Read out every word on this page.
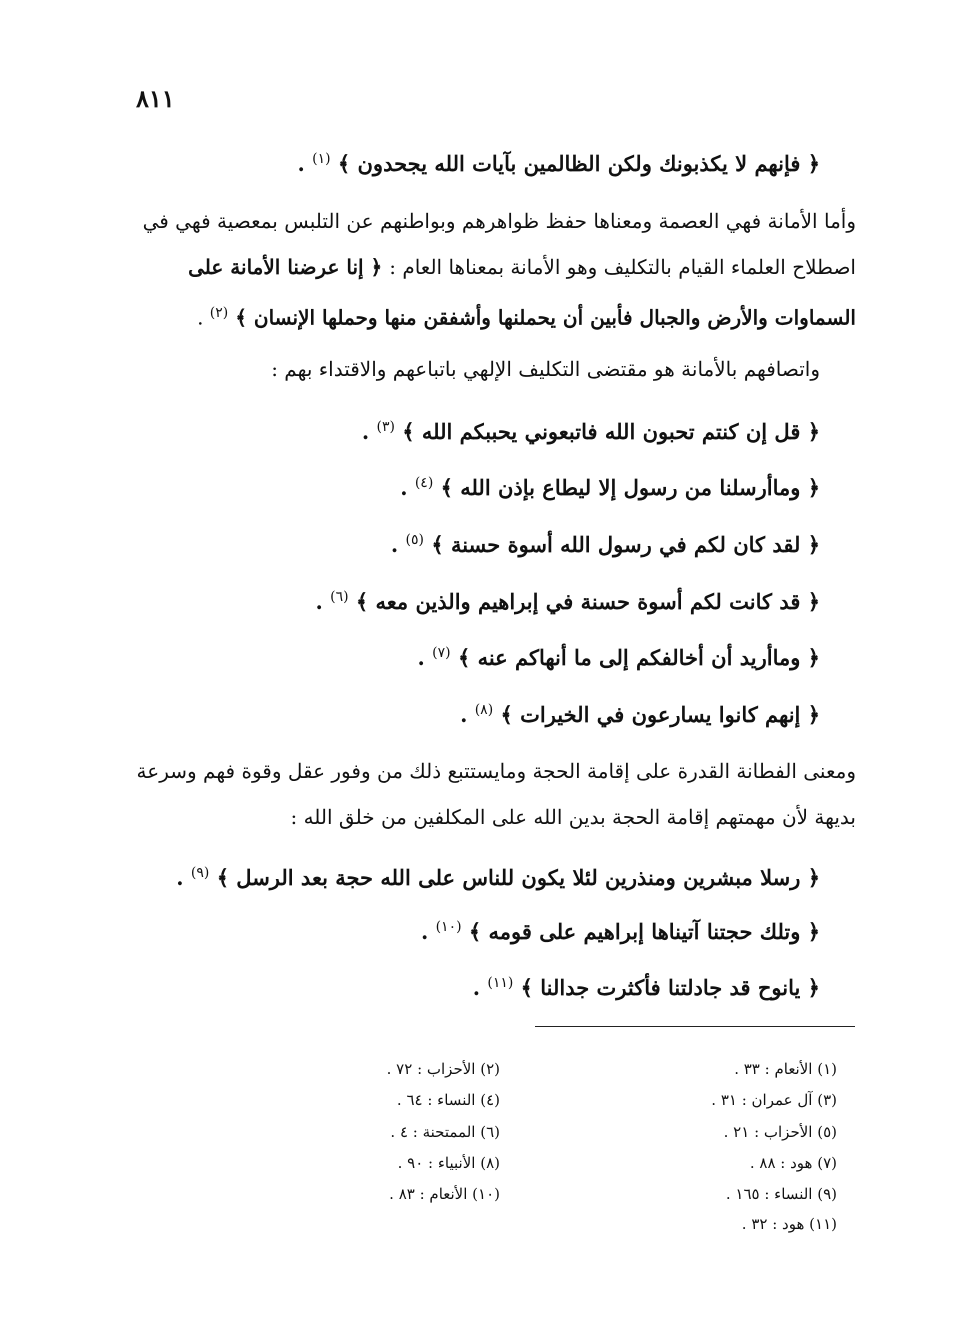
٨١١
﴿ فإنهم لا يكذبونك ولكن الظالمين بآيات الله يجحدون ﴾ $^{(١)}$ .
وأما الأمانة فهي العصمة ومعناها حفظ ظواهرهم وبواطنهم عن التلبس بمعصية فهي في
اصطلاح العلماء القيام بالتكليف وهو الأمانة بمعناها العام : ﴿ إنا عرضنا الأمانة على
السماوات والأرض والجبال فأبين أن يحملنها وأشفقن منها وحملها الإنسان ﴾ $^{(٢)}$ .
واتصافهم بالأمانة هو مقتضى التكليف الإلهي باتباعهم والاقتداء بهم :
﴿ قل إن كنتم تحبون الله فاتبعوني يحببكم الله ﴾ $^{(٣)}$ .
﴿ وماأرسلنا من رسول إلا ليطاع بإذن الله ﴾ $^{(٤)}$ .
﴿ لقد كان لكم في رسول الله أسوة حسنة ﴾ $^{(٥)}$ .
﴿ قد كانت لكم أسوة حسنة في إبراهيم والذين معه ﴾ $^{(٦)}$ .
﴿ وماأريد أن أخالفكم إلى ما أنهاكم عنه ﴾ $^{(٧)}$ .
﴿ إنهم كانوا يسارعون في الخيرات ﴾ $^{(٨)}$ .
ومعنى الفطانة القدرة على إقامة الحجة ومايستتبع ذلك من وفور عقل وقوة فهم وسرعة
بديهة لأن مهمتهم إقامة الحجة بدين الله على المكلفين من خلق الله :
﴿ رسلا مبشرين ومنذرين لئلا يكون للناس على الله حجة بعد الرسل ﴾ $^{(٩)}$ .
﴿ وتلك حجتنا آتيناها إبراهيم على قومه ﴾ $^{(١٠)}$ .
﴿ يانوح قد جادلتنا فأكثرت جدالنا ﴾ $^{(١١)}$ .
(١) الأنعام : ٣٣ .
(٢) الأحزاب : ٧٢ .
(٣) آل عمران : ٣١ .
(٤) النساء : ٦٤ .
(٥) الأحزاب : ٢١ .
(٦) الممتحنة : ٤ .
(٧) هود : ٨٨ .
(٨) الأنبياء : ٩٠ .
(٩) النساء : ١٦٥ .
(١٠) الأنعام : ٨٣ .
(١١) هود : ٣٢ .
